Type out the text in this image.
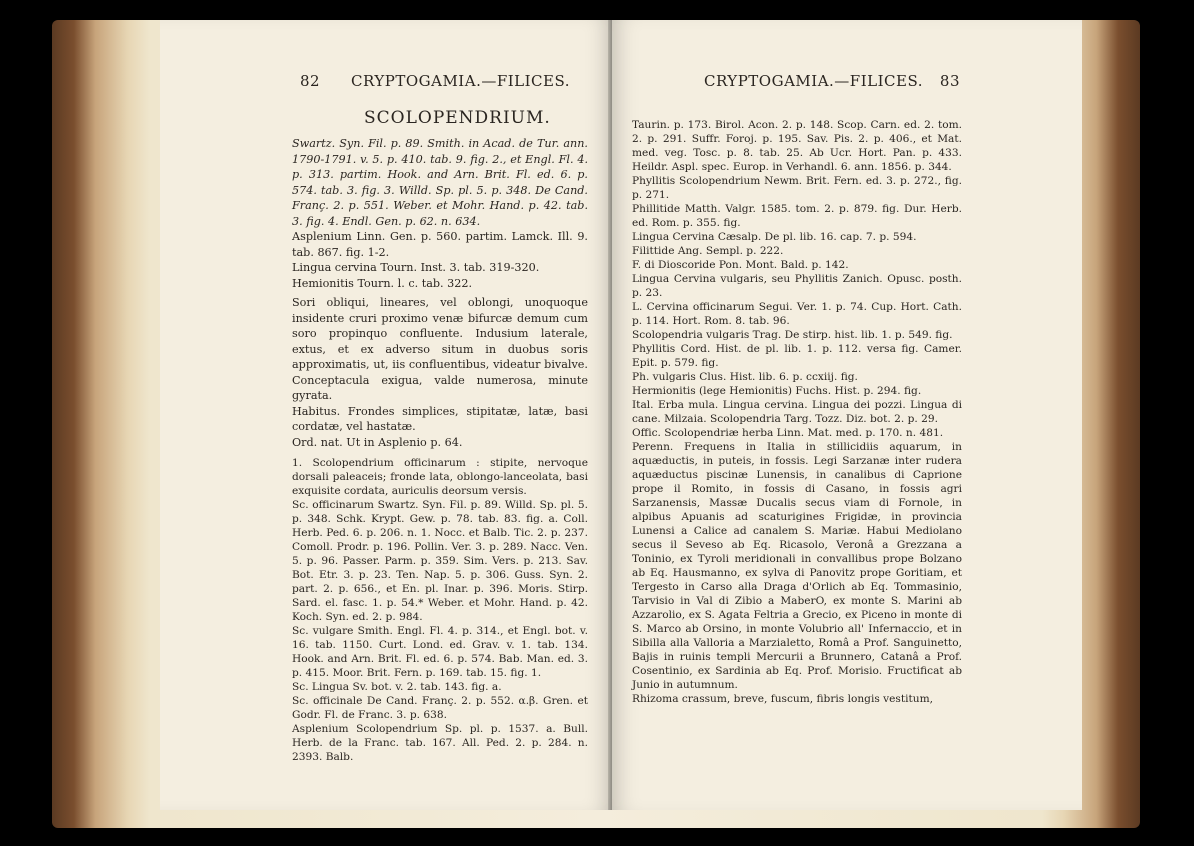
82 CRYPTOGAMIA.—FILICES.
SCOLOPENDRIUM.

Swartz. Syn. Fil. p. 89. Smith. in Acad. de Tur. ann. 1790-1791. v. 5. p. 410. tab. 9. fig. 2., et Engl. Fl. 4. p. 313. partim. Hook. and Arn. Brit. Fl. ed. 6. p. 574. tab. 3. fig. 3. Willd. Sp. pl. 5. p. 348. De Cand. Franç. 2. p. 551. Weber. et Mohr. Hand. p. 42. tab. 3. fig. 4. Endl. Gen. p. 62. n. 634.

Asplenium Linn. Gen. p. 560. partim. Lamck. Ill. 9. tab. 867. fig. 1-2.

Lingua cervina Tourn. Inst. 3. tab. 319-320.

Hemionitis Tourn. l. c. tab. 322.

Sori obliqui, lineares, vel oblongi, unoquoque insidente cruri proximo venæ bifurcæ demum cum soro propinquo confluente. Indusium laterale, extus, et ex adverso situm in duobus soris approximatis, ut, iis confluentibus, videatur bivalve. Conceptacula exigua, valde numerosa, minute gyrata.

Habitus. Frondes simplices, stipitatæ, latæ, basi cordatæ, vel hastatæ.

Ord. nat. Ut in Asplenio p. 64.

1. Scolopendrium officinarum : stipite, nervoque dorsali paleaceis; fronde lata, oblongo-lanceolata, basi exquisite cordata, auriculis deorsum versis.

Sc. officinarum Swartz. Syn. Fil. p. 89. Willd. Sp. pl. 5. p. 348. Schk. Krypt. Gew. p. 78. tab. 83. fig. a. Coll. Herb. Ped. 6. p. 206. n. 1. Nocc. et Balb. Tic. 2. p. 237. Comoll. Prodr. p. 196. Pollin. Ver. 3. p. 289. Nacc. Ven. 5. p. 96. Passer. Parm. p. 359. Sim. Vers. p. 213. Sav. Bot. Etr. 3. p. 23. Ten. Nap. 5. p. 306. Guss. Syn. 2. part. 2. p. 656., et En. pl. Inar. p. 396. Moris. Stirp. Sard. el. fasc. 1. p. 54.* Weber. et Mohr. Hand. p. 42. Koch. Syn. ed. 2. p. 984.

Sc. vulgare Smith. Engl. Fl. 4. p. 314., et Engl. bot. v. 16. tab. 1150. Curt. Lond. ed. Grav. v. 1. tab. 134. Hook. and Arn. Brit. Fl. ed. 6. p. 574. Bab. Man. ed. 3. p. 415. Moor. Brit. Fern. p. 169. tab. 15. fig. 1.

Sc. Lingua Sv. bot. v. 2. tab. 143. fig. a.

Sc. officinale De Cand. Franç. 2. p. 552. α.β. Gren. et Godr. Fl. de Franc. 3. p. 638.

Asplenium Scolopendrium Sp. pl. p. 1537. a. Bull. Herb. de la Franc. tab. 167. All. Ped. 2. p. 284. n. 2393. Balb.

CRYPTOGAMIA.—FILICES. 83

Taurin. p. 173. Birol. Acon. 2. p. 148. Scop. Carn. ed. 2. tom. 2. p. 291. Suffr. Foroj. p. 195. Sav. Pis. 2. p. 406., et Mat. med. veg. Tosc. p. 8. tab. 25. Ab Ucr. Hort. Pan. p. 433. Heildr. Aspl. spec. Europ. in Verhandl. 6. ann. 1856. p. 344.

Phyllitis Scolopendrium Newm. Brit. Fern. ed. 3. p. 272., fig. p. 271.

Phillitide Matth. Valgr. 1585. tom. 2. p. 879. fig. Dur. Herb. ed. Rom. p. 355. fig.

Lingua Cervina Cæsalp. De pl. lib. 16. cap. 7. p. 594.

Filittide Ang. Sempl. p. 222.

F. di Dioscoride Pon. Mont. Bald. p. 142.

Lingua Cervina vulgaris, seu Phyllitis Zanich. Opusc. posth. p. 23.

L. Cervina officinarum Segui. Ver. 1. p. 74. Cup. Hort. Cath. p. 114. Hort. Rom. 8. tab. 96.

Scolopendria vulgaris Trag. De stirp. hist. lib. 1. p. 549. fig.

Phyllitis Cord. Hist. de pl. lib. 1. p. 112. versa fig. Camer. Epit. p. 579. fig.

Ph. vulgaris Clus. Hist. lib. 6. p. ccxiij. fig.

Hermionitis (lege Hemionitis) Fuchs. Hist. p. 294. fig.

Ital. Erba mula. Lingua cervina. Lingua dei pozzi. Lingua di cane. Milzaia. Scolopendria Targ. Tozz. Diz. bot. 2. p. 29.

Offic. Scolopendriæ herba Linn. Mat. med. p. 170. n. 481.

Perenn. Frequens in Italia in stillicidiis aquarum, in aquæductis, in puteis, in fossis. Legi Sarzanæ inter rudera aquæductus piscinæ Lunensis, in canalibus di Caprione prope il Romito, in fossis di Casano, in fossis agri Sarzanensis, Massæ Ducalis secus viam di Fornole, in alpibus Apuanis ad scaturigines Frigidæ, in provincia Lunensi a Calice ad canalem S. Mariæ. Habui Mediolano secus il Seveso ab Eq. Ricasolo, Veronâ a Grezzana a Toninio, ex Tyroli meridionali in convallibus prope Bolzano ab Eq. Hausmanno, ex sylva di Panovitz prope Goritiam, et Tergesto in Carso alla Draga d'Orlich ab Eq. Tommasinio, Tarvisio in Val di Zibio a MaberO, ex monte S. Marini ab Azzarolio, ex S. Agata Feltria a Grecio, ex Piceno in monte di S. Marco ab Orsino, in monte Volubrio all' Infernaccio, et in Sibilla alla Valloria a Marzialetto, Româ a Prof. Sanguinetto, Bajis in ruinis templi Mercurii a Brunnero, Catanâ a Prof. Cosentinio, ex Sardinia ab Eq. Prof. Morisio. Fructificat ab Junio in autumnum.

Rhizoma crassum, breve, fuscum, fibris longis vestitum,
